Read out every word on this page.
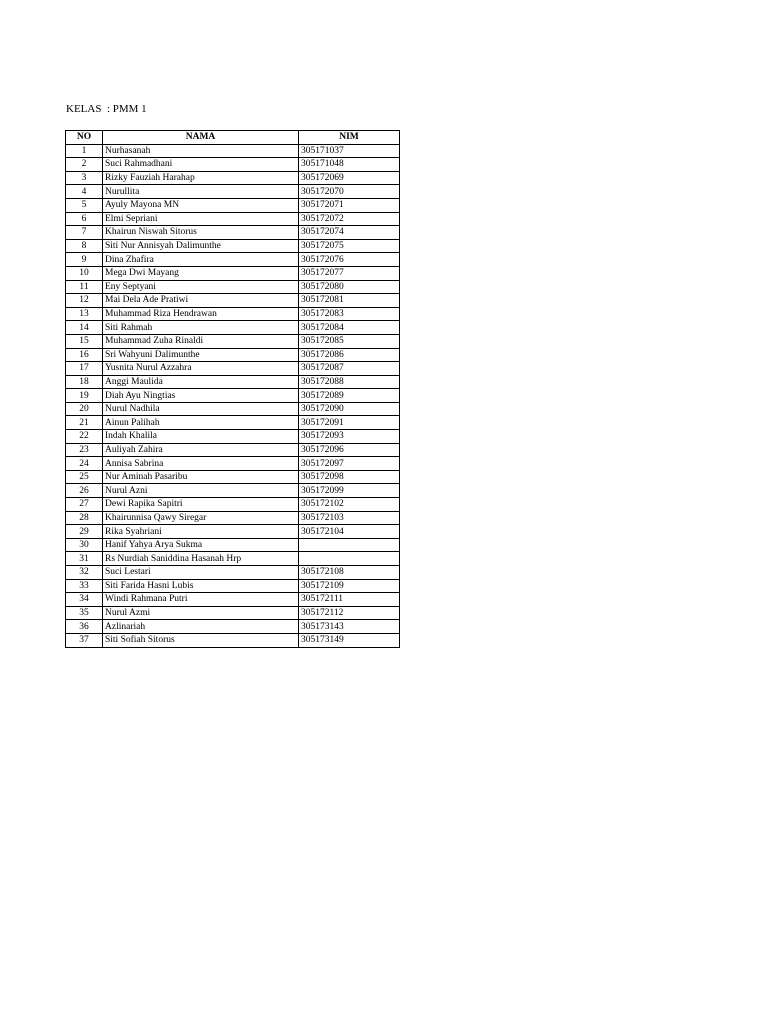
KELAS  : PMM 1
NO	NAMA	NIM
1	Nurhasanah	305171037
2	Suci Rahmadhani	305171048
3	Rizky Fauziah Harahap	305172069
4	Nurullita	305172070
5	Ayuly Mayona MN	305172071
6	Elmi Sepriani	305172072
7	Khairun Niswah Sitorus	305172074
8	Siti Nur Annisyah Dalimunthe	305172075
9	Dina Zhafira	305172076
10	Mega Dwi Mayang	305172077
11	Eny Septyani	305172080
12	Mai Dela Ade Pratiwi	305172081
13	Muhammad Riza Hendrawan	305172083
14	Siti Rahmah	305172084
15	Muhammad Zuha Rinaldi	305172085
16	Sri Wahyuni Dalimunthe	305172086
17	Yusnita Nurul Azzahra	305172087
18	Anggi Maulida	305172088
19	Diah Ayu Ningtias	305172089
20	Nurul Nadhila	305172090
21	Ainun Palihah	305172091
22	Indah Khalila	305172093
23	Auliyah Zahira	305172096
24	Annisa Sabrina	305172097
25	Nur Aminah Pasaribu	305172098
26	Nurul Azni	305172099
27	Dewi Rapika Sapitri	305172102
28	Khairunnisa Qawy Siregar	305172103
29	Rika Syahriani	305172104
30	Hanif Yahya Arya Sukma	
31	Rs Nurdiah Saniddina Hasanah Hrp	
32	Suci Lestari	305172108
33	Siti Farida Hasni Lubis	305172109
34	Windi Rahmana Putri	305172111
35	Nurul Azmi	305172112
36	Azlinariah	305173143
37	Siti Sofiah Sitorus	305173149
